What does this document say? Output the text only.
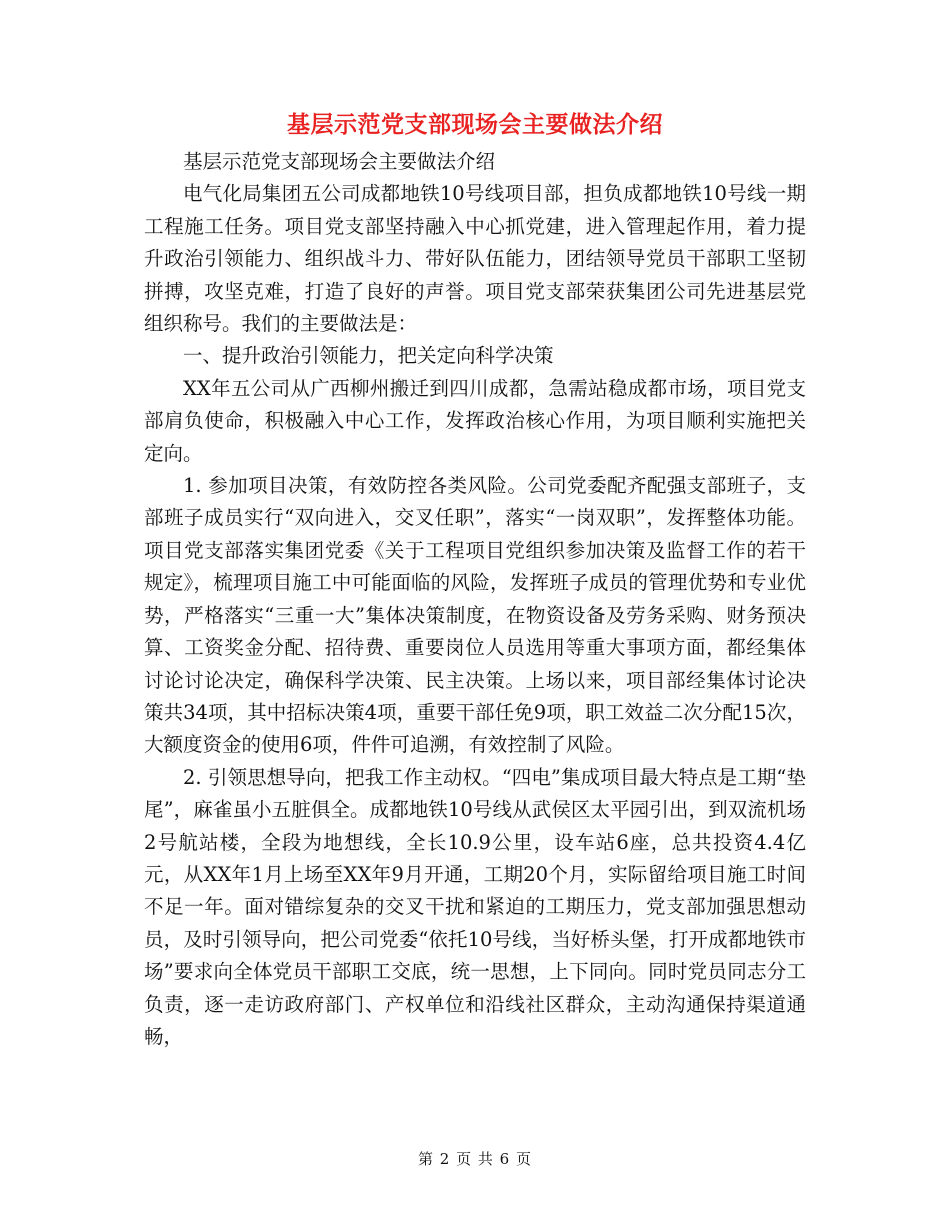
基层示范党支部现场会主要做法介绍

基层示范党支部现场会主要做法介绍

电气化局集团五公司成都地铁10号线项目部，担负成都地铁10号线一期工程施工任务。项目党支部坚持融入中心抓党建，进入管理起作用，着力提升政治引领能力、组织战斗力、带好队伍能力，团结领导党员干部职工坚韧拼搏，攻坚克难，打造了良好的声誉。项目党支部荣获集团公司先进基层党组织称号。我们的主要做法是：

一、提升政治引领能力，把关定向科学决策

XX年五公司从广西柳州搬迁到四川成都，急需站稳成都市场，项目党支部肩负使命，积极融入中心工作，发挥政治核心作用，为项目顺利实施把关定向。

1. 参加项目决策，有效防控各类风险。公司党委配齐配强支部班子，支部班子成员实行“双向进入，交叉任职”，落实“一岗双职”，发挥整体功能。项目党支部落实集团党委《关于工程项目党组织参加决策及监督工作的若干规定》，梳理项目施工中可能面临的风险，发挥班子成员的管理优势和专业优势，严格落实“三重一大”集体决策制度，在物资设备及劳务采购、财务预决算、工资奖金分配、招待费、重要岗位人员选用等重大事项方面，都经集体讨论讨论决定，确保科学决策、民主决策。上场以来，项目部经集体讨论决策共34项，其中招标决策4项，重要干部任免9项，职工效益二次分配15次，大额度资金的使用6项，件件可追溯，有效控制了风险。

2. 引领思想导向，把我工作主动权。“四电”集成项目最大特点是工期“垫尾”，麻雀虽小五脏俱全。成都地铁10号线从武侯区太平园引出，到双流机场2号航站楼，全段为地想线，全长10.9公里，设车站6座，总共投资4.4亿元，从XX年1月上场至XX年9月开通，工期20个月，实际留给项目施工时间不足一年。面对错综复杂的交叉干扰和紧迫的工期压力，党支部加强思想动员，及时引领导向，把公司党委“依托10号线，当好桥头堡，打开成都地铁市场”要求向全体党员干部职工交底，统一思想，上下同向。同时党员同志分工负责，逐一走访政府部门、产权单位和沿线社区群众，主动沟通保持渠道通畅，

第 2 页 共 6 页
